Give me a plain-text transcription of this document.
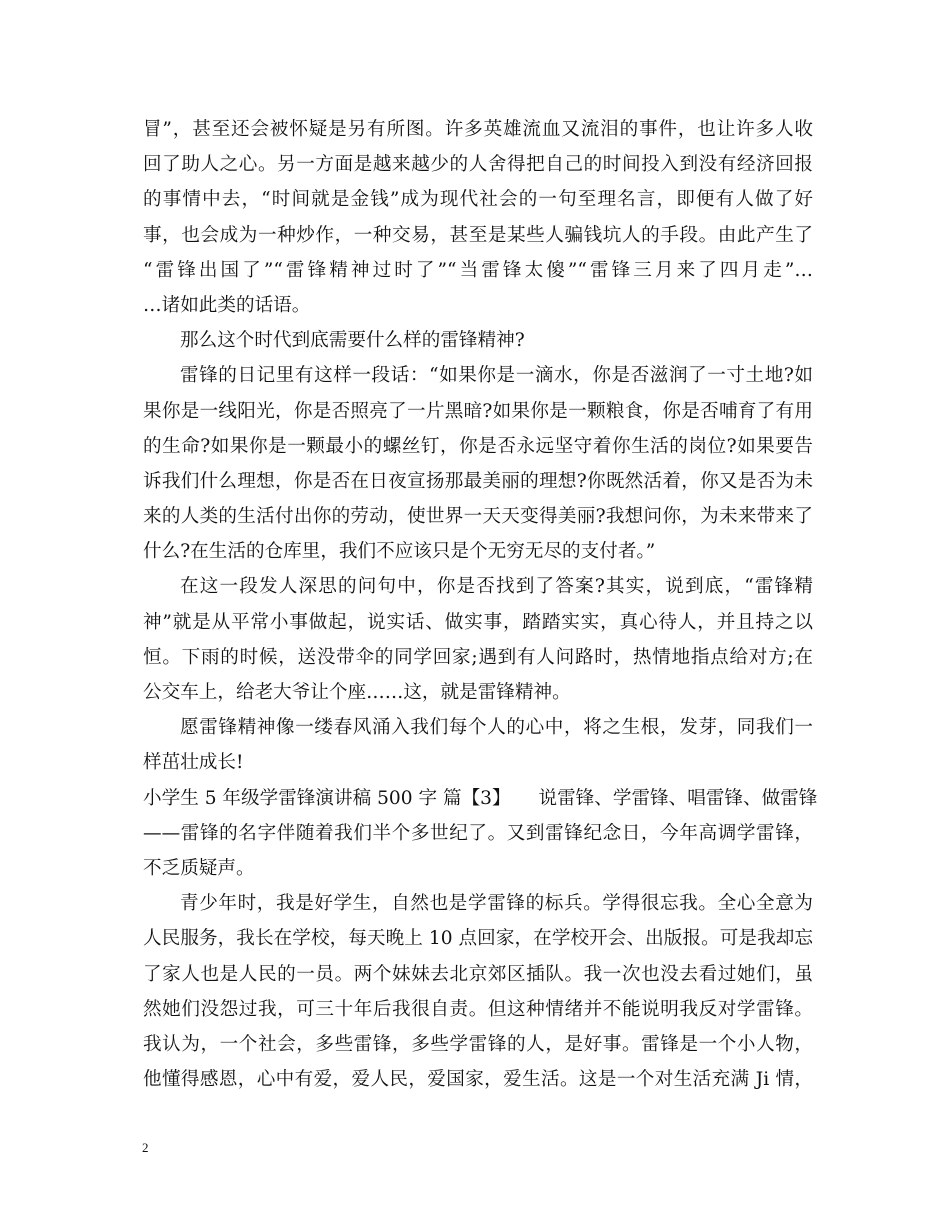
冒”，甚至还会被怀疑是另有所图。许多英雄流血又流泪的事件，也让许多人收
回了助人之心。另一方面是越来越少的人舍得把自己的时间投入到没有经济回报
的事情中去，“时间就是金钱”成为现代社会的一句至理名言，即便有人做了好
事，也会成为一种炒作，一种交易，甚至是某些人骗钱坑人的手段。由此产生了
“雷锋出国了”“雷锋精神过时了”“当雷锋太傻”“雷锋三月来了四月走”…
…诸如此类的话语。
那么这个时代到底需要什么样的雷锋精神?
雷锋的日记里有这样一段话：“如果你是一滴水，你是否滋润了一寸土地?如
果你是一线阳光，你是否照亮了一片黑暗?如果你是一颗粮食，你是否哺育了有用
的生命?如果你是一颗最小的螺丝钉，你是否永远坚守着你生活的岗位?如果要告
诉我们什么理想，你是否在日夜宣扬那最美丽的理想?你既然活着，你又是否为未
来的人类的生活付出你的劳动，使世界一天天变得美丽?我想问你，为未来带来了
什么?在生活的仓库里，我们不应该只是个无穷无尽的支付者。”
在这一段发人深思的问句中，你是否找到了答案?其实，说到底，“雷锋精
神”就是从平常小事做起，说实话、做实事，踏踏实实，真心待人，并且持之以
恒。下雨的时候，送没带伞的同学回家;遇到有人问路时，热情地指点给对方;在
公交车上，给老大爷让个座……这，就是雷锋精神。
愿雷锋精神像一缕春风涌入我们每个人的心中，将之生根，发芽，同我们一
样茁壮成长!
小学生 5 年级学雷锋演讲稿 500 字 篇【3】　　说雷锋、学雷锋、唱雷锋、做雷锋
——雷锋的名字伴随着我们半个多世纪了。又到雷锋纪念日，今年高调学雷锋，
不乏质疑声。
青少年时，我是好学生，自然也是学雷锋的标兵。学得很忘我。全心全意为
人民服务，我长在学校，每天晚上 10 点回家，在学校开会、出版报。可是我却忘
了家人也是人民的一员。两个妹妹去北京郊区插队。我一次也没去看过她们，虽
然她们没怨过我，可三十年后我很自责。但这种情绪并不能说明我反对学雷锋。
我认为，一个社会，多些雷锋，多些学雷锋的人，是好事。雷锋是一个小人物，
他懂得感恩，心中有爱，爱人民，爱国家，爱生活。这是一个对生活充满 Ji 情，
2
